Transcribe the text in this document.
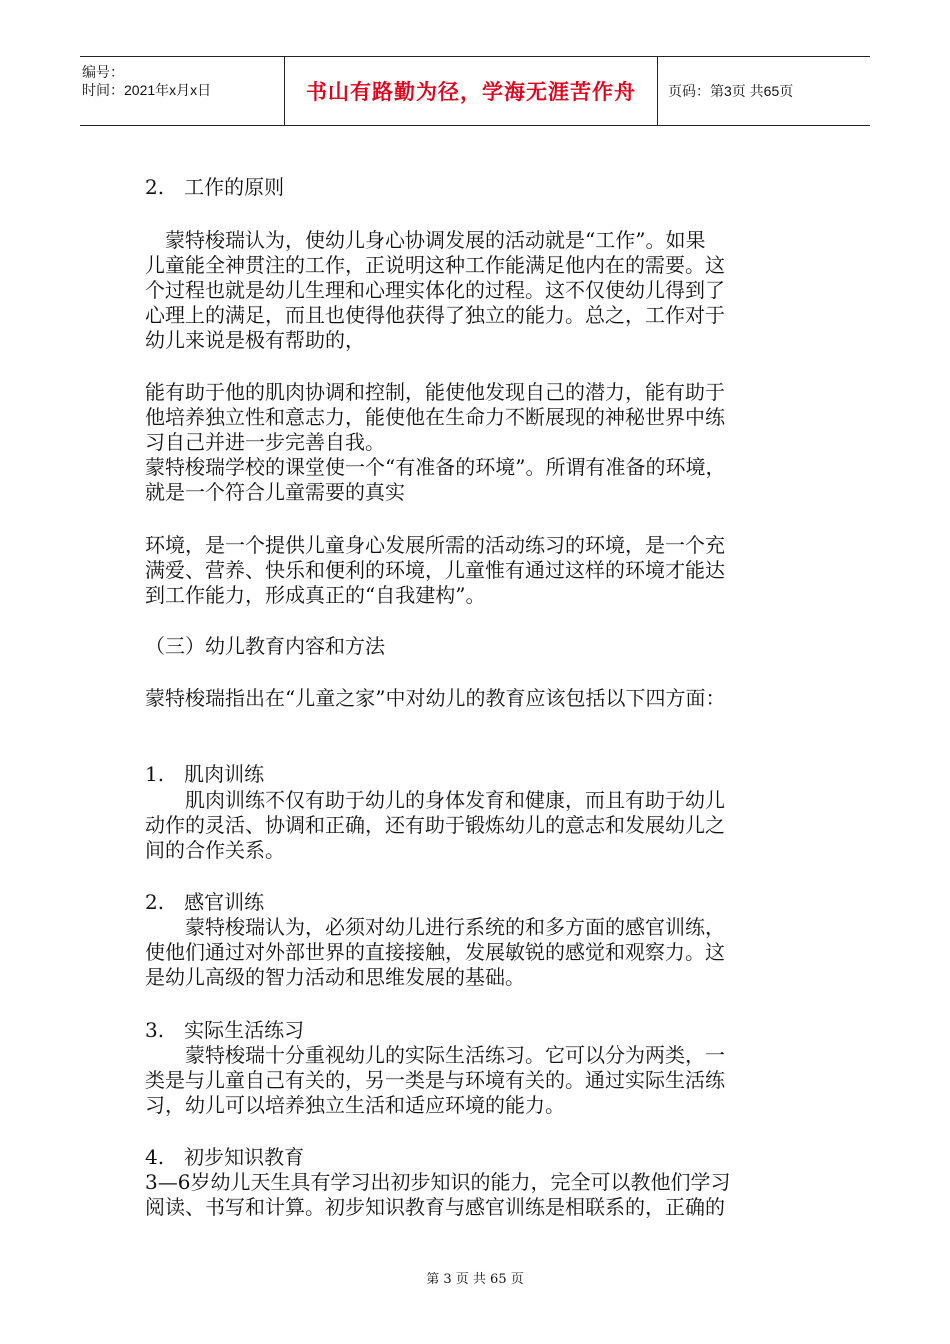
编号：
时间：2021年x月x日	书山有路勤为径，学海无涯苦作舟	页码：第3页 共65页
2.　工作的原则
　蒙特梭瑞认为，使幼儿身心协调发展的活动就是“工作”。如果
儿童能全神贯注的工作，正说明这种工作能满足他内在的需要。这
个过程也就是幼儿生理和心理实体化的过程。这不仅使幼儿得到了
心理上的满足，而且也使得他获得了独立的能力。总之，工作对于
幼儿来说是极有帮助的，
能有助于他的肌肉协调和控制，能使他发现自己的潜力，能有助于
他培养独立性和意志力，能使他在生命力不断展现的神秘世界中练
习自己并进一步完善自我。
蒙特梭瑞学校的课堂使一个“有准备的环境”。所谓有准备的环境，
就是一个符合儿童需要的真实
环境，是一个提供儿童身心发展所需的活动练习的环境，是一个充
满爱、营养、快乐和便利的环境，儿童惟有通过这样的环境才能达
到工作能力，形成真正的“自我建构”。
（三）幼儿教育内容和方法
蒙特梭瑞指出在“儿童之家”中对幼儿的教育应该包括以下四方面：
1.　肌肉训练
　　肌肉训练不仅有助于幼儿的身体发育和健康，而且有助于幼儿
动作的灵活、协调和正确，还有助于锻炼幼儿的意志和发展幼儿之
间的合作关系。
2.　感官训练
　　蒙特梭瑞认为，必须对幼儿进行系统的和多方面的感官训练，
使他们通过对外部世界的直接接触，发展敏锐的感觉和观察力。这
是幼儿高级的智力活动和思维发展的基础。
3.　实际生活练习
　　蒙特梭瑞十分重视幼儿的实际生活练习。它可以分为两类，一
类是与儿童自己有关的，另一类是与环境有关的。通过实际生活练
习，幼儿可以培养独立生活和适应环境的能力。
4.　初步知识教育
3—6岁幼儿天生具有学习出初步知识的能力，完全可以教他们学习
阅读、书写和计算。初步知识教育与感官训练是相联系的，正确的
第 3 页 共 65 页
